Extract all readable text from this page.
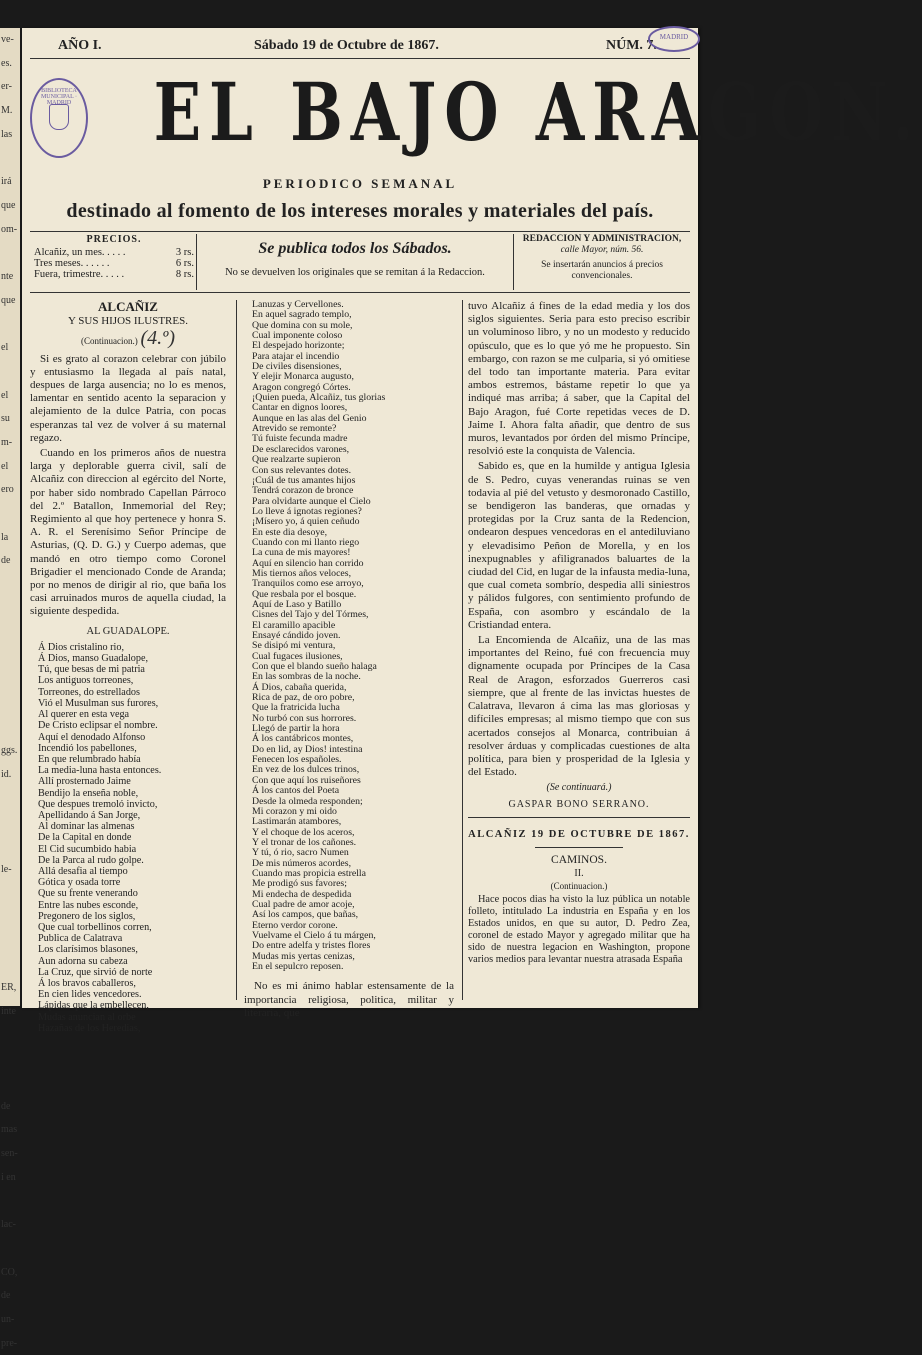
ve-
es.
er-
M.
las

irá
que
om-

nte
que

el

el
su
m-
el
ero

la
de

ggs.
id.

le-

ER,
inte

de
mas
sen-
i en

lac-

CO,
de
un-
pre-
AÑO I.	Sábado 19 de Octubre de 1867.	NÚM. 7.
MADRID
BIBLIOTECA MUNICIPAL · MADRID EL BAJO ARAGON.
PERIODICO SEMANAL
destinado al fomento de los intereses morales y materiales del país.
PRECIOS.
Alcañiz, un mes. . . . .	3 rs.
Tres meses. . . . . .	6 rs.
Fuera, trimestre. . . . .	8 rs.
Se publica todos los Sábados.
No se devuelven los originales que se remitan á la Redaccion.
REDACCION Y ADMINISTRACION,
calle Mayor, núm. 56.
Se insertarán anuncios á precios convencionales.
ALCAÑIZ
Y SUS HIJOS ILUSTRES.
(Continuacion.) (4.º)

Si es grato al corazon celebrar con júbilo y entusiasmo la llegada al país natal, despues de larga ausencia; no lo es menos, lamentar en sentido acento la separacion y alejamiento de la dulce Patria, con pocas esperanzas tal vez de volver á su maternal regazo.

Cuando en los primeros años de nuestra larga y deplorable guerra civil, salí de Alcañiz con direccion al egército del Norte, por haber sido nombrado Capellan Párroco del 2.º Batallon, Inmemorial del Rey; Regimiento al que hoy pertenece y honra S. A. R. el Serenísimo Señor Príncipe de Asturias, (Q. D. G.) y Cuerpo ademas, que mandó en otro tiempo como Coronel Brigadier el mencionado Conde de Aranda; por no menos de dirigir al rio, que baña los casi arruinados muros de aquella ciudad, la siguiente despedida.

AL GUADALOPE.
Á Dios cristalino rio,
Á Dios, manso Guadalope,
Tú, que besas de mi patria
Los antiguos torreones,
Torreones, do estrellados
Vió el Musulman sus furores,
Al querer en esta vega
De Cristo eclipsar el nombre.
Aquí el denodado Alfonso
Incendió los pabellones,
En que relumbrado había
La media-luna hasta entonces.
Allí prosternado Jaime
Bendijo la enseña noble,
Que despues tremoló invicto,
Apellidando á San Jorge,
Al dominar las almenas
De la Capital en donde
El Cid sucumbido habia
De la Parca al rudo golpe.
Allá desafia al tiempo
Gótica y osada torre
Que su frente venerando
Entre las nubes esconde,
Pregonero de los siglos,
Que cual torbellinos corren,
Publica de Calatrava
Los clarísimos blasones,
Aun adorna su cabeza
La Cruz, que sirvió de norte
Á los bravos caballeros,
En cien lides vencedores.
Lápidas que la embellecen,
Mudas anuncian al orbe
Hazañas de los Heredias,
Lanuzas y Cervellones.
En aquel sagrado templo,
Que domina con su mole,
Cual imponente coloso
El despejado horizonte;
Para atajar el incendio
De civiles disensiones,
Y elejir Monarca augusto,
Aragon congregó Córtes.
¡Quien pueda, Alcañiz, tus glorias
Cantar en dignos loores,
Aunque en las alas del Genio
Atrevido se remonte?
Tú fuiste fecunda madre
De esclarecidos varones,
Que realzarte supieron
Con sus relevantes dotes.
¡Cuál de tus amantes hijos
Tendrá corazon de bronce
Para olvidarte aunque el Cielo
Lo lleve á ignotas regiones?
¡Mísero yo, á quien ceñudo
En este dia desoye,
Cuando con mi llanto riego
La cuna de mis mayores!
Aquí en silencio han corrido
Mis tiernos años veloces,
Tranquilos como ese arroyo,
Que resbala por el bosque.
Aquí de Laso y Batillo
Cisnes del Tajo y del Tórmes,
El caramillo apacible
Ensayé cándido joven.
Se disipó mi ventura,
Cual fugaces ilusiones,
Con que el blando sueño halaga
En las sombras de la noche.
Á Dios, cabaña querida,
Rica de paz, de oro pobre,
Que la fratricida lucha
No turbó con sus horrores.
Llegó de partir la hora
Á los cantábricos montes,
Do en lid, ay Dios! intestina
Fenecen los españoles.
En vez de los dulces trinos,
Con que aquí los ruiseñores
Á los cantos del Poeta
Desde la olmeda responden;
Mi corazon y mi oido
Lastimarán atambores,
Y el choque de los aceros,
Y el tronar de los cañones.
Y tú, ó rio, sacro Numen
De mis números acordes,
Cuando mas propicia estrella
Me prodigó sus favores;
Mi endecha de despedida
Cual padre de amor acoje,
Así los campos, que bañas,
Eterno verdor corone.
Vuelvame el Cielo á tu márgen,
Do entre adelfa y tristes flores
Mudas mis yertas cenizas,
En el sepulcro reposen.

No es mi ánimo hablar estensamente de la importancia religiosa, politica, militar y literaria, que

tuvo Alcañiz á fines de la edad media y los dos siglos siguientes. Seria para esto preciso escribir un voluminoso libro, y no un modesto y reducido opúsculo, que es lo que yó me he propuesto. Sin embargo, con razon se me culparia, si yó omitiese del todo tan importante materia. Para evitar ambos estremos, bástame repetir lo que ya indiqué mas arriba; á saber, que la Capital del Bajo Aragon, fué Corte repetidas veces de D. Jaime I. Ahora falta añadir, que dentro de sus muros, levantados por órden del mismo Príncipe, resolvió este la conquista de Valencia.

Sabido es, que en la humilde y antigua Iglesia de S. Pedro, cuyas venerandas ruinas se ven todavia al pié del vetusto y desmoronado Castillo, se bendigeron las banderas, que ornadas y protegidas por la Cruz santa de la Redencion, ondearon despues vencedoras en el antediluviano y elevadisimo Peñon de Morella, y en los inexpugnables y afiligranados baluartes de la ciudad del Cid, en lugar de la infausta media-luna, que cual cometa sombrío, despedia alli siniestros y pálidos fulgores, con sentimiento profundo de España, con asombro y escándalo de la Cristiandad entera.

La Encomienda de Alcañiz, una de las mas importantes del Reino, fué con frecuencia muy dignamente ocupada por Príncipes de la Casa Real de Aragon, esforzados Guerreros casi siempre, que al frente de las invictas huestes de Calatrava, llevaron á cima las mas gloriosas y difíciles empresas; al mismo tiempo que con sus acertados consejos al Monarca, contribuian á resolver árduas y complicadas cuestiones de alta política, para bien y prosperidad de la Iglesia y del Estado.

(Se continuará.)
GASPAR BONO SERRANO.
ALCAÑIZ 19 DE OCTUBRE DE 1867.
CAMINOS.
II.
(Continuacion.)

Hace pocos dias ha visto la luz pública un notable folleto, intitulado La industria en España y en los Estados unidos, en que su autor, D. Pedro Zea, coronel de estado Mayor y agregado militar que ha sido de nuestra legacion en Washington, propone varios medios para levantar nuestra atrasada España
